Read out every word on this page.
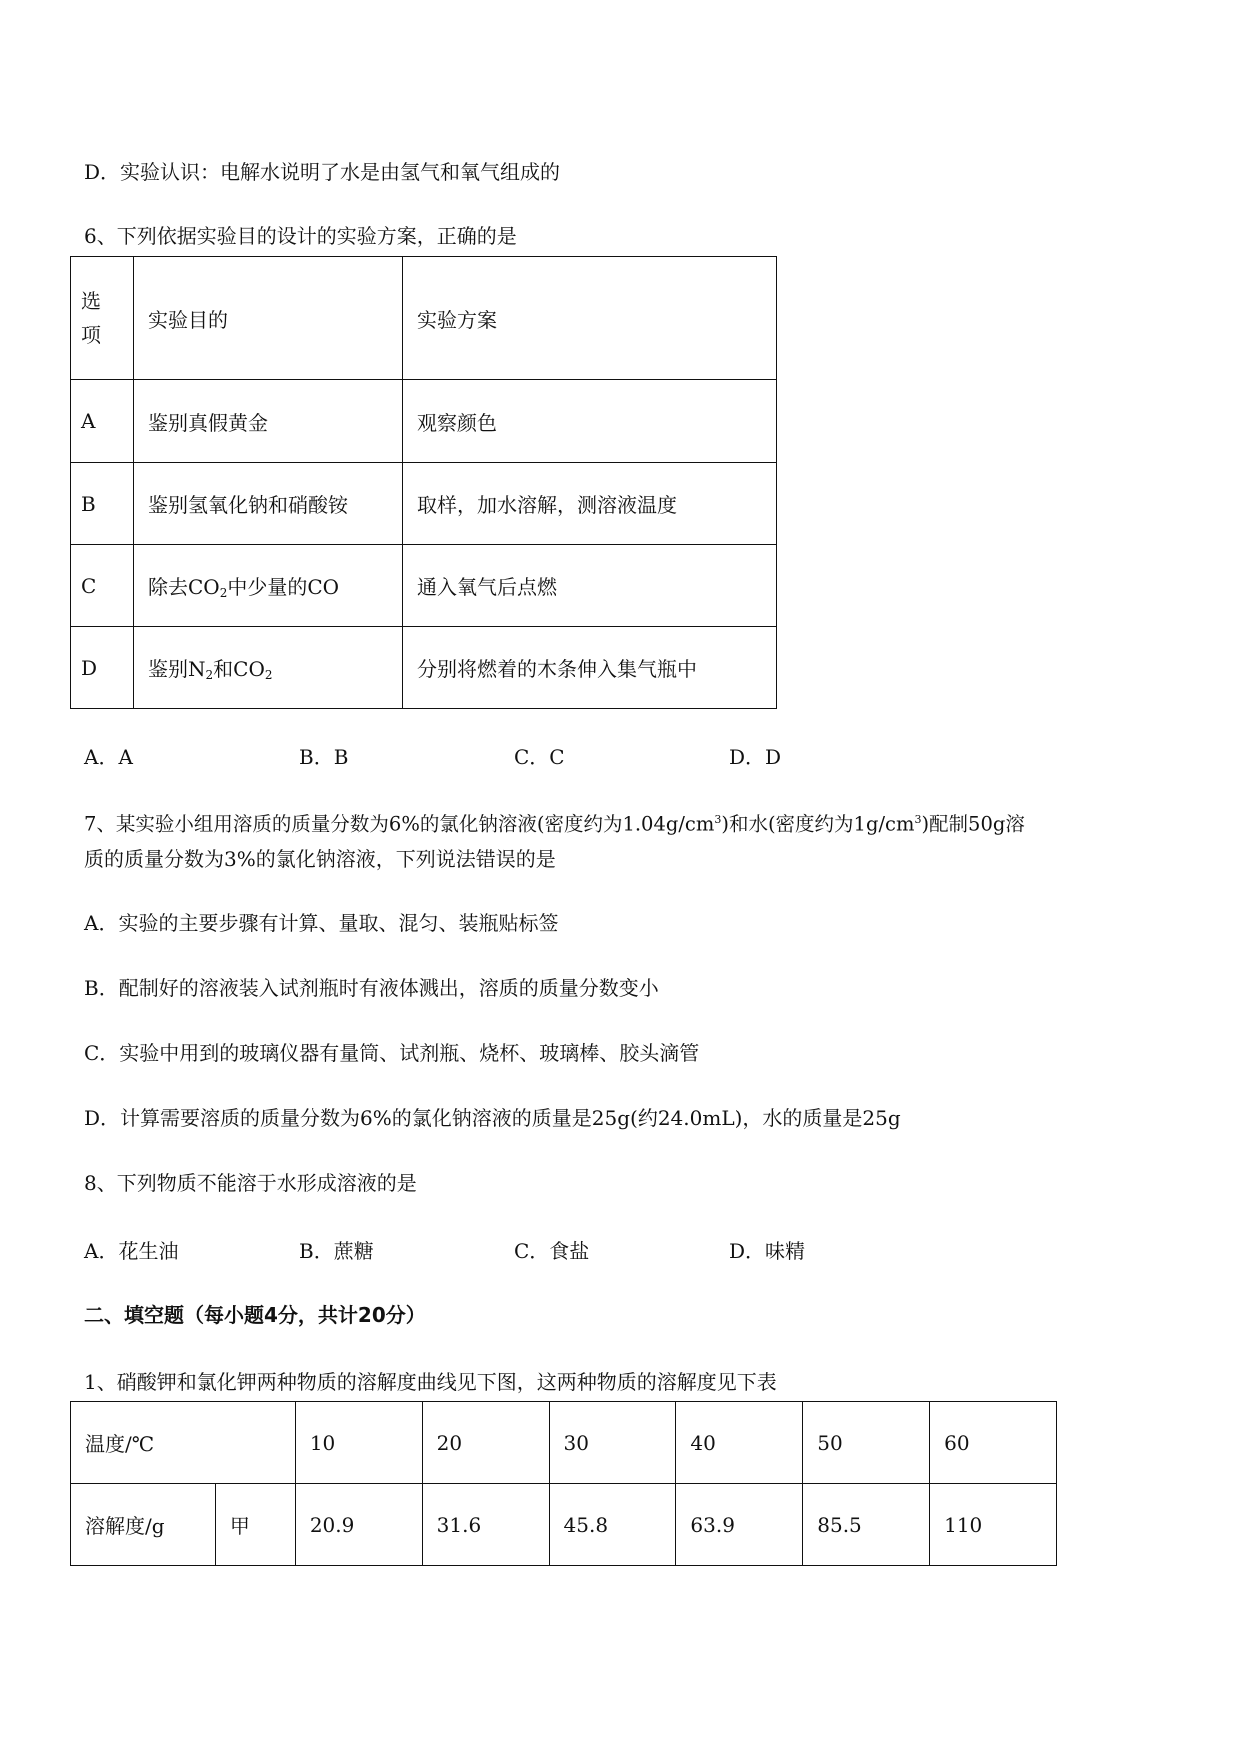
D．实验认识：电解水说明了水是由氢气和氧气组成的
6、下列依据实验目的设计的实验方案，正确的是
选
项	实验目的	实验方案
A	鉴别真假黄金	观察颜色
B	鉴别氢氧化钠和硝酸铵	取样，加水溶解，测溶液温度
C	除去$CO_2$中少量的CO	通入氧气后点燃
D	鉴别$N_2$和$CO_2$	分别将燃着的木条伸入集气瓶中
A．A	B．B	C．C	D．D
7、某实验小组用溶质的质量分数为6%的氯化钠溶液(密度约为$1.04g/cm^3$)和水(密度约为$1g/cm^3$)配制50g溶
质的质量分数为3%的氯化钠溶液，下列说法错误的是
A．实验的主要步骤有计算、量取、混匀、装瓶贴标签
B．配制好的溶液装入试剂瓶时有液体溅出，溶质的质量分数变小
C．实验中用到的玻璃仪器有量筒、试剂瓶、烧杯、玻璃棒、胶头滴管
D．计算需要溶质的质量分数为6%的氯化钠溶液的质量是25g(约24.0mL)，水的质量是25g
8、下列物质不能溶于水形成溶液的是
A．花生油	B．蔗糖	C．食盐	D．味精
二、填空题（每小题4分，共计20分）
1、硝酸钾和氯化钾两种物质的溶解度曲线见下图，这两种物质的溶解度见下表
温度/℃		10	20	30	40	50	60
溶解度/g	甲	20.9	31.6	45.8	63.9	85.5	110
